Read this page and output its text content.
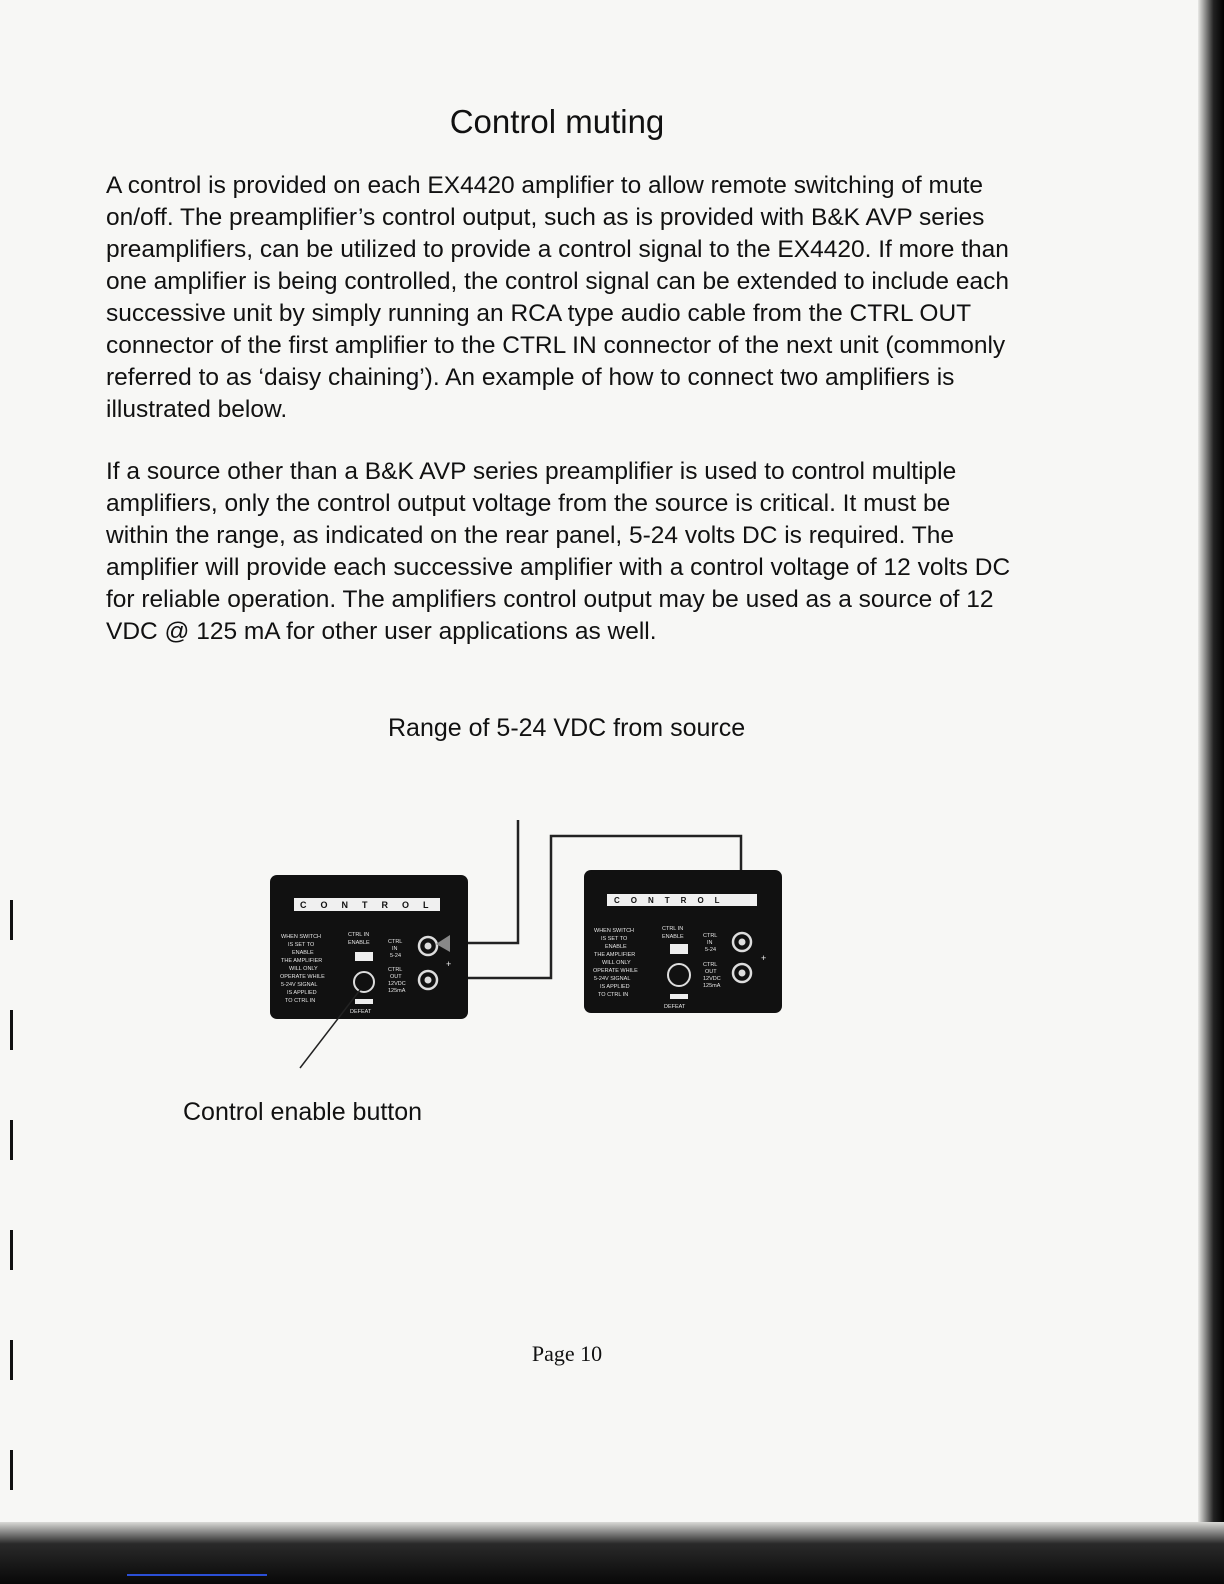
Control muting

A control is provided on each EX4420 amplifier to allow remote switching of mute on/off. The preamplifier’s control output, such as is provided with B&K AVP series preamplifiers, can be utilized to provide a control signal to the EX4420. If more than one amplifier is being controlled, the control signal can be extended to include each successive unit by simply running an RCA type audio cable from the CTRL OUT connector of the first amplifier to the CTRL IN connector of the next unit (commonly referred to as ‘daisy chaining’). An example of how to connect two amplifiers is illustrated below.

If a source other than a B&K AVP series preamplifier is used to control multiple amplifiers, only the control output voltage from the source is critical. It must be within the range, as indicated on the rear panel, 5-24 volts DC is required. The amplifier will provide each successive amplifier with a control voltage of 12 volts DC for reliable operation. The amplifiers control output may be used as a source of 12 VDC @ 125 mA for other user applications as well.

Range of 5-24 VDC from source
Control enable button
CONTROL
WHEN SWITCH
IS SET TO
ENABLE
THE AMPLIFIER
WILL ONLY
OPERATE WHILE
5-24V SIGNAL
IS APPLIED
TO CTRL IN
CTRL IN
ENABLE	CTRL
IN
5-24
CTRL
OUT
12VDC
125mA
DEFEAT
+
CONTROL
WHEN SWITCH
IS SET TO
ENABLE
THE AMPLIFIER
WILL ONLY
OPERATE WHILE
5-24V SIGNAL
IS APPLIED
TO CTRL IN
CTRL IN
ENABLE	CTRL
IN
5-24
CTRL
OUT
12VDC
125mA
DEFEAT
+
Page 10
